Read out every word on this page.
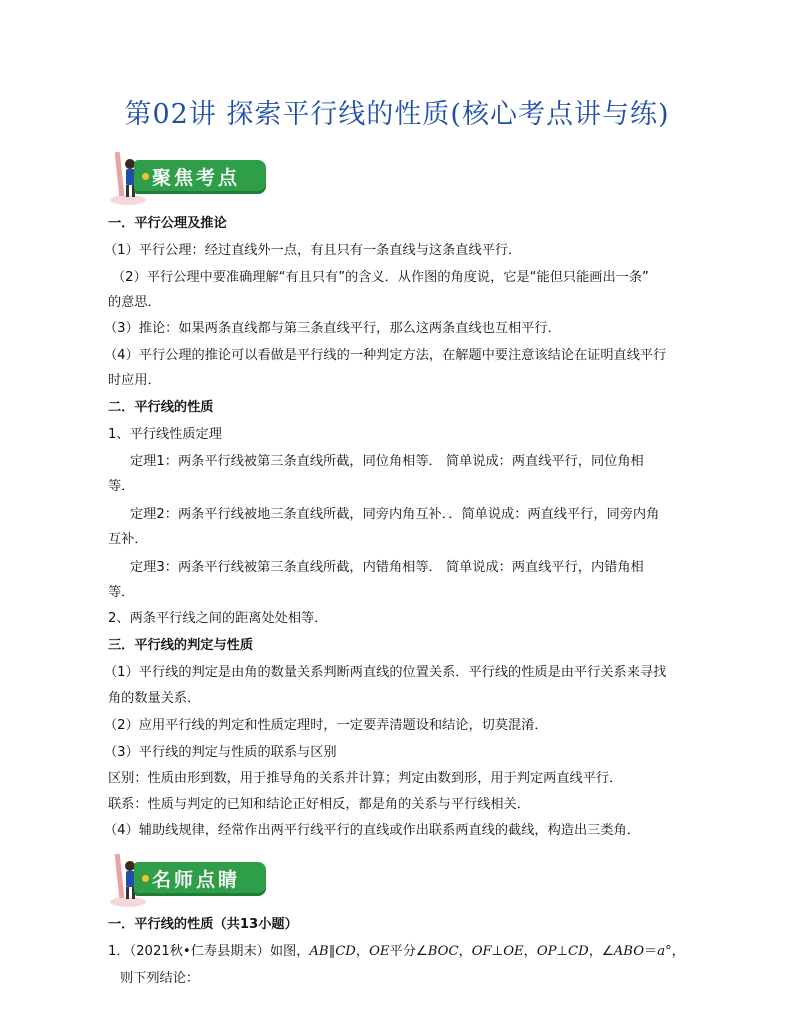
第02讲 探索平行线的性质(核心考点讲与练)
聚焦考点
一．平行公理及推论
（1）平行公理：经过直线外一点，有且只有一条直线与这条直线平行．
（2）平行公理中要准确理解“有且只有”的含义．从作图的角度说，它是“能但只能画出一条”
的意思．
（3）推论：如果两条直线都与第三条直线平行，那么这两条直线也互相平行．
（4）平行公理的推论可以看做是平行线的一种判定方法，在解题中要注意该结论在证明直线平行
时应用．
二．平行线的性质
1、平行线性质定理
定理1：两条平行线被第三条直线所截，同位角相等． 简单说成：两直线平行，同位角相
等．
定理2：两条平行线被地三条直线所截，同旁内角互补．．简单说成：两直线平行，同旁内角
互补．
定理3：两条平行线被第三条直线所截，内错角相等． 简单说成：两直线平行，内错角相
等．
2、两条平行线之间的距离处处相等．
三．平行线的判定与性质
（1）平行线的判定是由角的数量关系判断两直线的位置关系．平行线的性质是由平行关系来寻找
角的数量关系．
（2）应用平行线的判定和性质定理时，一定要弄清题设和结论，切莫混淆．
（3）平行线的判定与性质的联系与区别
区别：性质由形到数，用于推导角的关系并计算；判定由数到形，用于判定两直线平行．
联系：性质与判定的已知和结论正好相反，都是角的关系与平行线相关．
（4）辅助线规律，经常作出两平行线平行的直线或作出联系两直线的截线，构造出三类角．
一．平行线的性质（共13小题）
1．（2021秋•仁寿县期末）如图，AB∥CD，OE平分∠BOC，OF⊥OE，OP⊥CD，∠ABO＝a°，
则下列结论：
名师点睛
